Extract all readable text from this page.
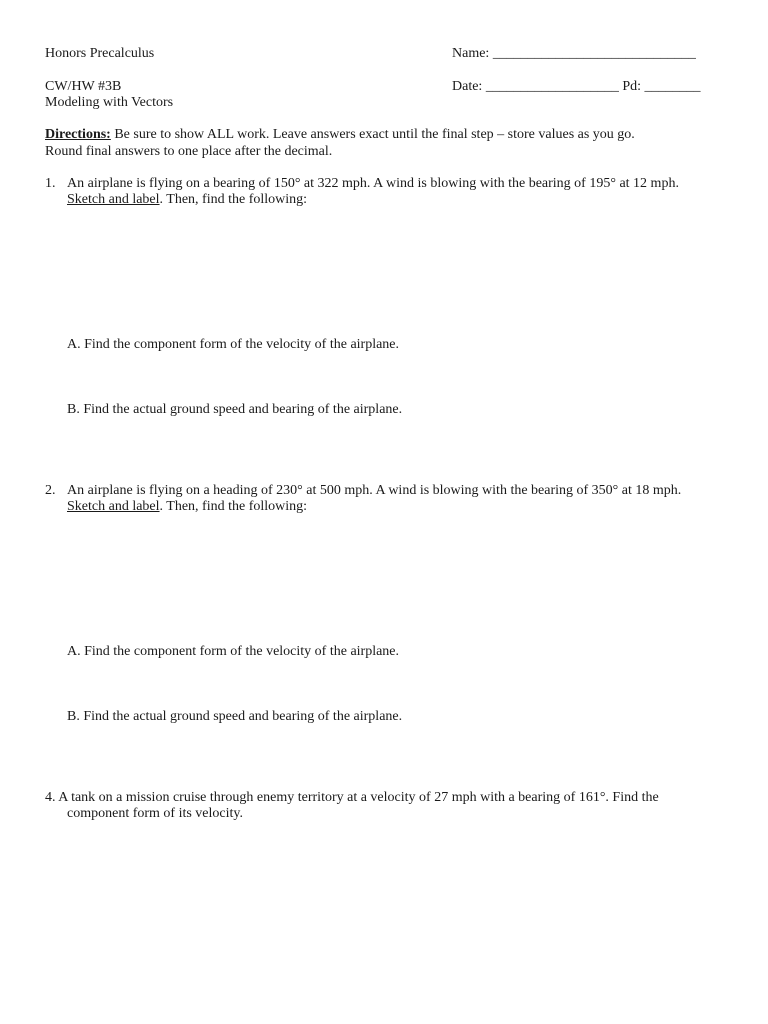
Honors Precalculus
CW/HW #3B
Modeling with Vectors
Name: _____________________________
Date: ___________________ Pd: ________
Directions: Be sure to show ALL work. Leave answers exact until the final step – store values as you go.
Round final answers to one place after the decimal.
1. An airplane is flying on a bearing of 150° at 322 mph. A wind is blowing with the bearing of 195° at 12 mph.
Sketch and label. Then, find the following:
A. Find the component form of the velocity of the airplane.
B. Find the actual ground speed and bearing of the airplane.
2. An airplane is flying on a heading of 230° at 500 mph. A wind is blowing with the bearing of 350° at 18 mph.
Sketch and label. Then, find the following:
A. Find the component form of the velocity of the airplane.
B. Find the actual ground speed and bearing of the airplane.
4. A tank on a mission cruise through enemy territory at a velocity of 27 mph with a bearing of 161°. Find the
component form of its velocity.
